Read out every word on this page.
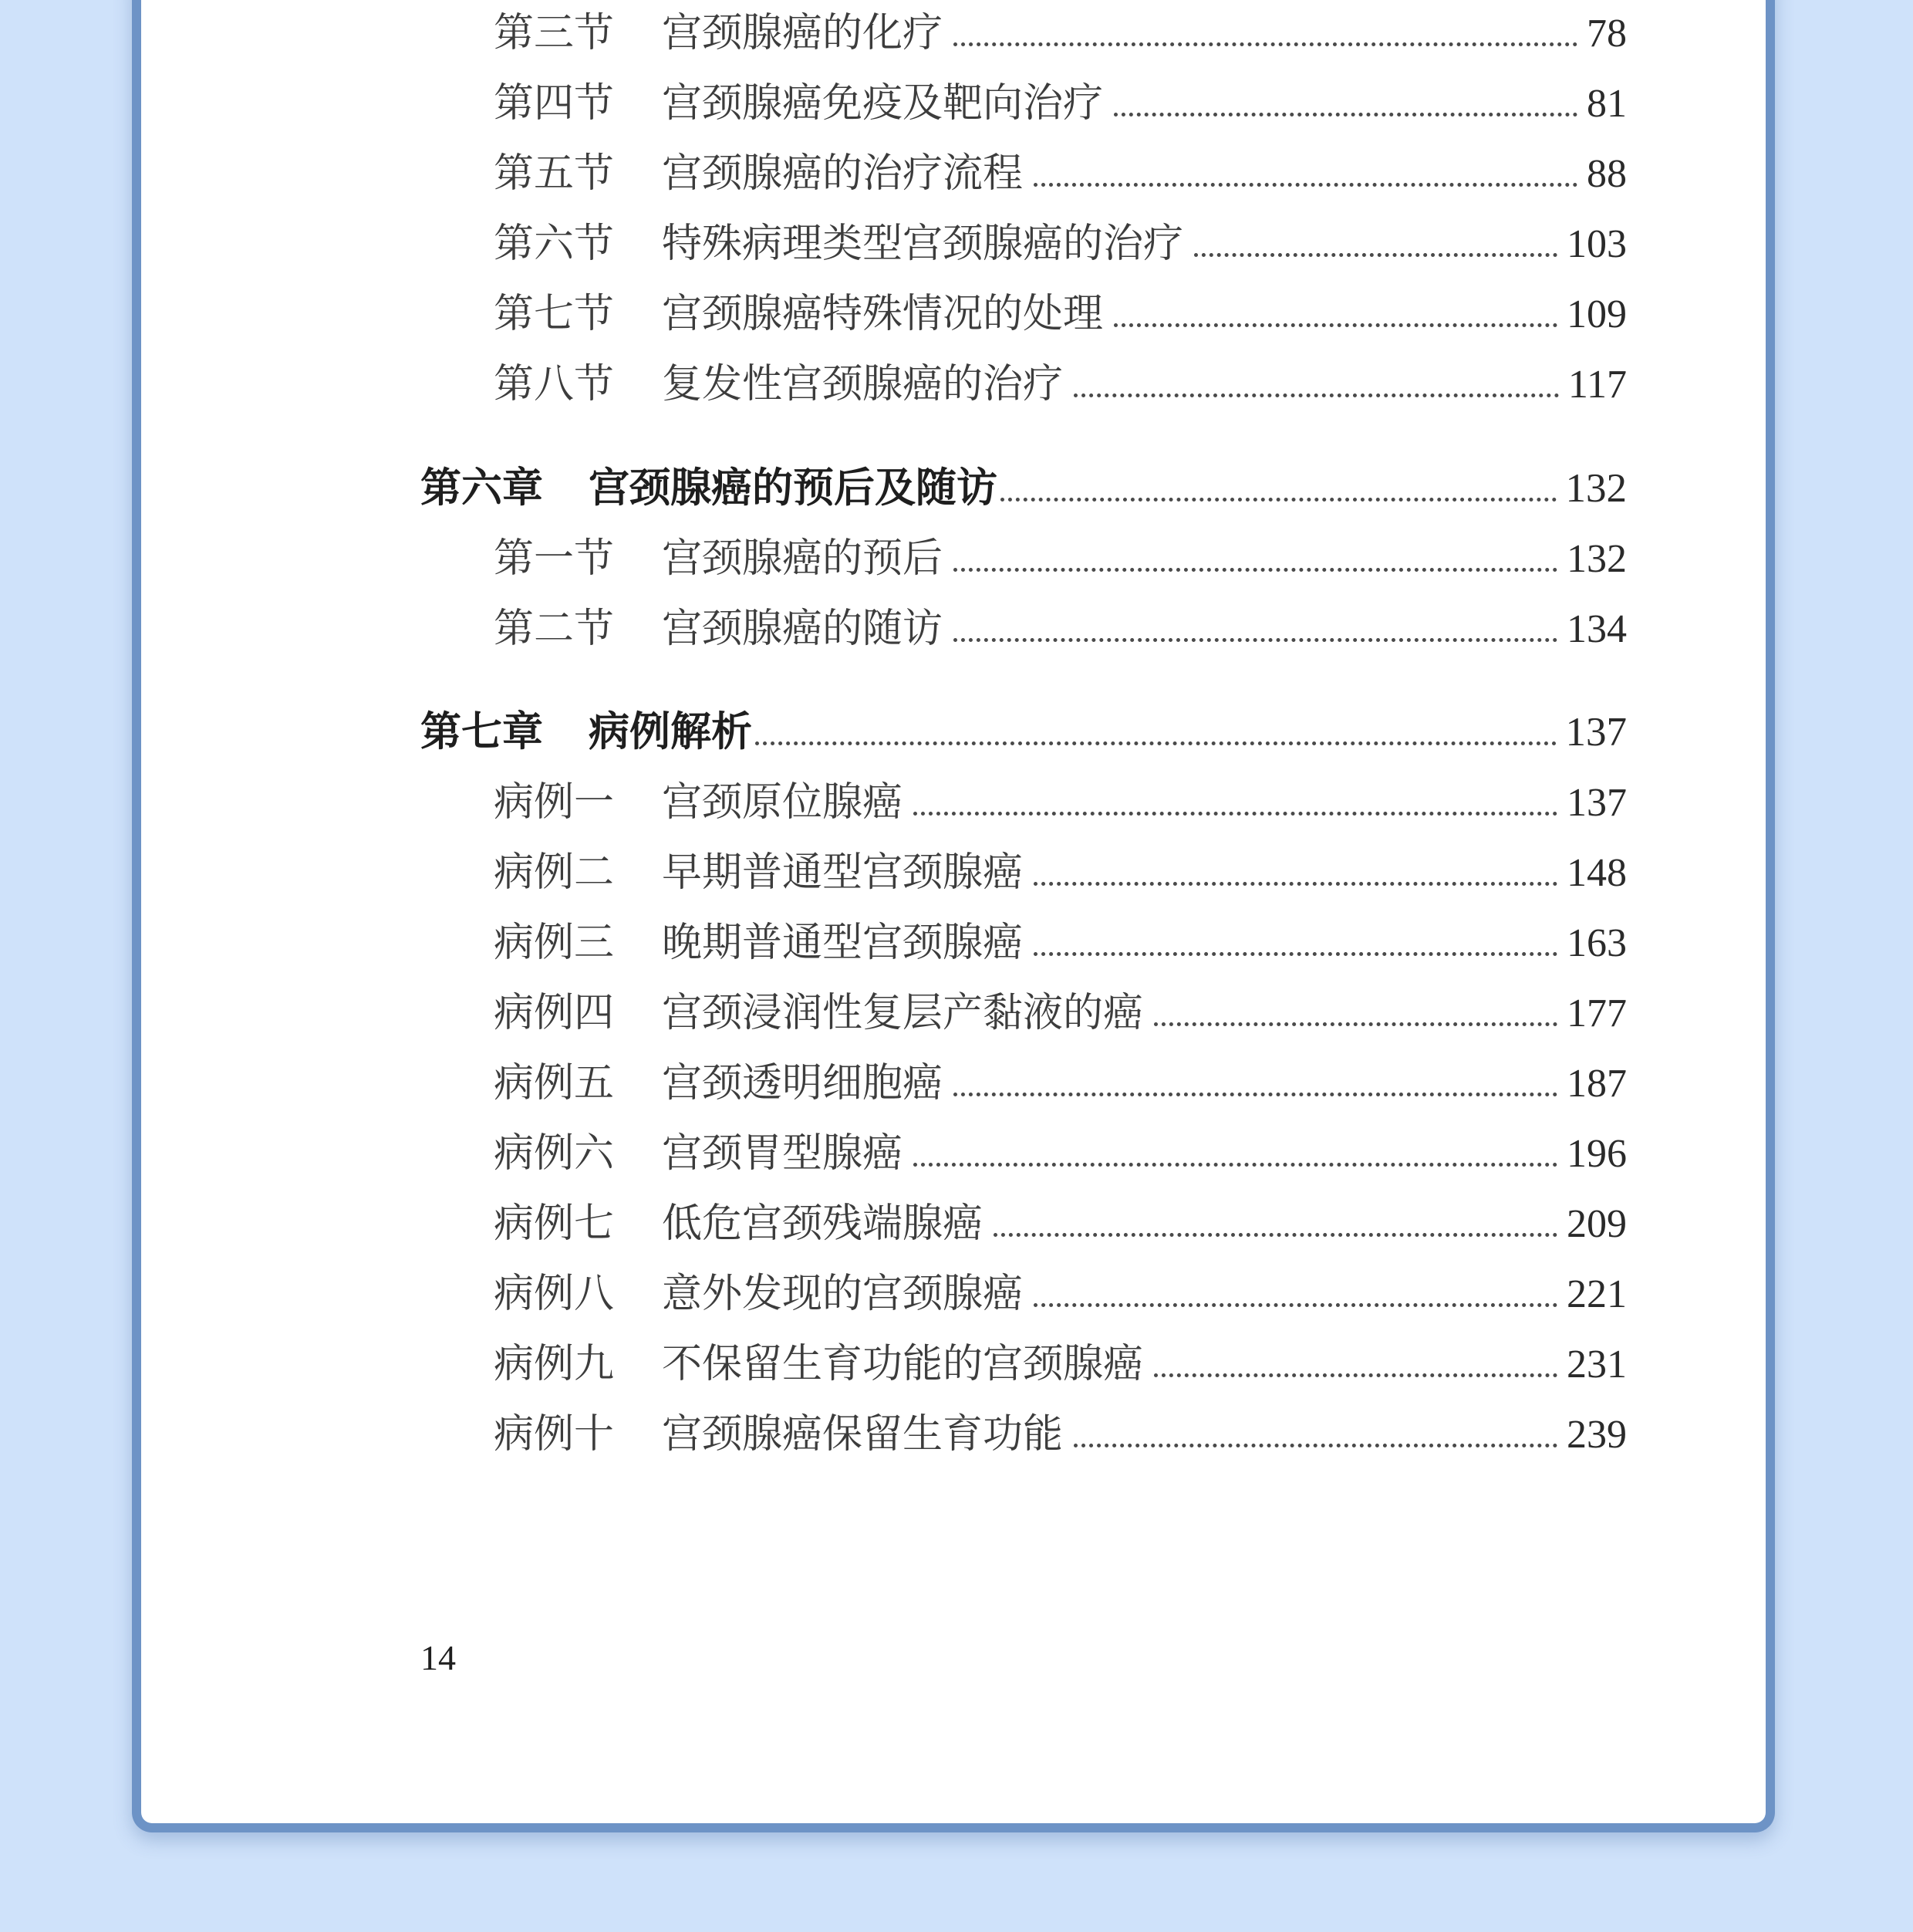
第三节	宫颈腺癌的化疗	78
第四节	宫颈腺癌免疫及靶向治疗	81
第五节	宫颈腺癌的治疗流程	88
第六节	特殊病理类型宫颈腺癌的治疗	103
第七节	宫颈腺癌特殊情况的处理	109
第八节	复发性宫颈腺癌的治疗	117
第六章	宫颈腺癌的预后及随访	132
第一节	宫颈腺癌的预后	132
第二节	宫颈腺癌的随访	134
第七章	病例解析	137
病例一	宫颈原位腺癌	137
病例二	早期普通型宫颈腺癌	148
病例三	晚期普通型宫颈腺癌	163
病例四	宫颈浸润性复层产黏液的癌	177
病例五	宫颈透明细胞癌	187
病例六	宫颈胃型腺癌	196
病例七	低危宫颈残端腺癌	209
病例八	意外发现的宫颈腺癌	221
病例九	不保留生育功能的宫颈腺癌	231
病例十	宫颈腺癌保留生育功能	239
14
